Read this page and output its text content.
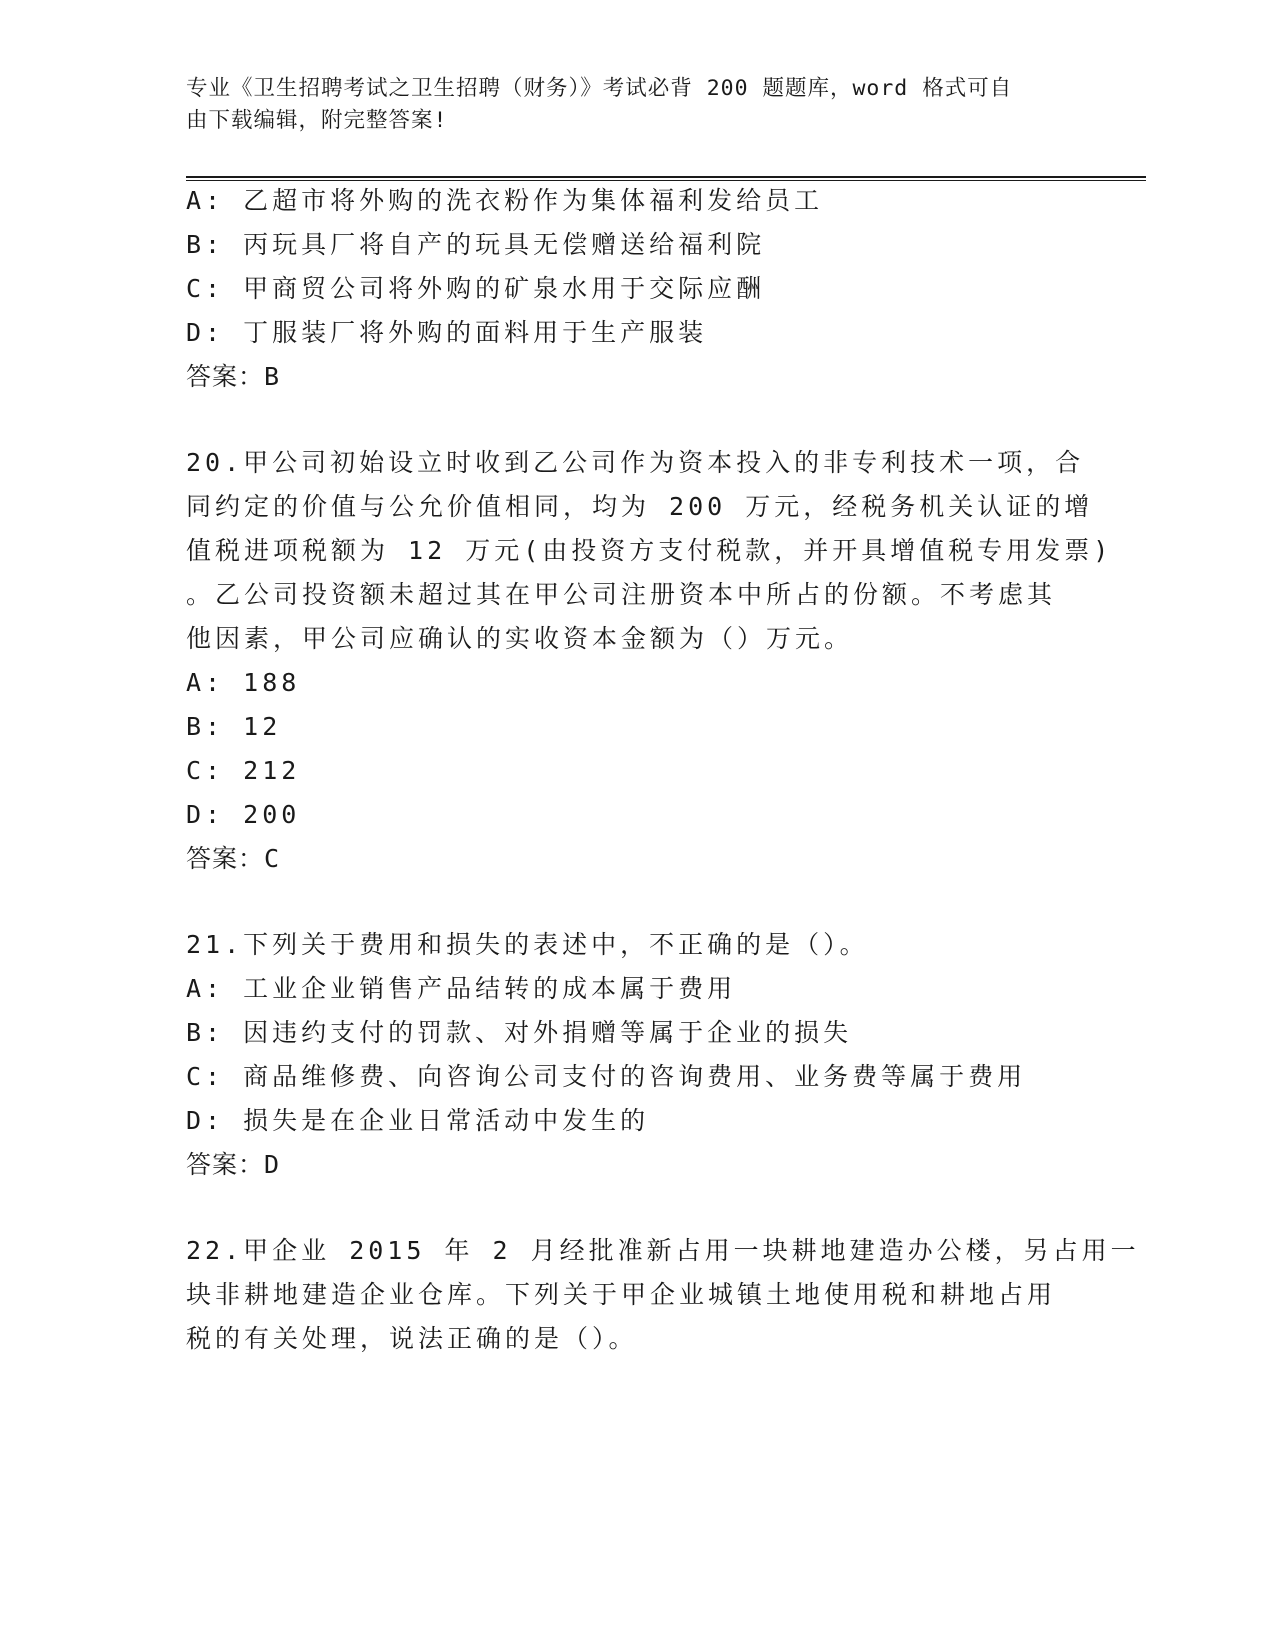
专业《卫生招聘考试之卫生招聘（财务）》考试必背 200 题题库，word 格式可自
由下载编辑，附完整答案!
A: 乙超市将外购的洗衣粉作为集体福利发给员工
B: 丙玩具厂将自产的玩具无偿赠送给福利院
C: 甲商贸公司将外购的矿泉水用于交际应酬
D: 丁服装厂将外购的面料用于生产服装
答案：B
20.甲公司初始设立时收到乙公司作为资本投入的非专利技术一项，合
同约定的价值与公允价值相同，均为 200 万元，经税务机关认证的增
值税进项税额为 12 万元(由投资方支付税款，并开具增值税专用发票)
。乙公司投资额未超过其在甲公司注册资本中所占的份额。不考虑其
他因素，甲公司应确认的实收资本金额为（）万元。
A: 188
B: 12
C: 212
D: 200
答案：C
21.下列关于费用和损失的表述中，不正确的是（）。
A: 工业企业销售产品结转的成本属于费用
B: 因违约支付的罚款、对外捐赠等属于企业的损失
C: 商品维修费、向咨询公司支付的咨询费用、业务费等属于费用
D: 损失是在企业日常活动中发生的
答案：D
22.甲企业 2015 年 2 月经批准新占用一块耕地建造办公楼，另占用一
块非耕地建造企业仓库。下列关于甲企业城镇土地使用税和耕地占用
税的有关处理，说法正确的是（）。
